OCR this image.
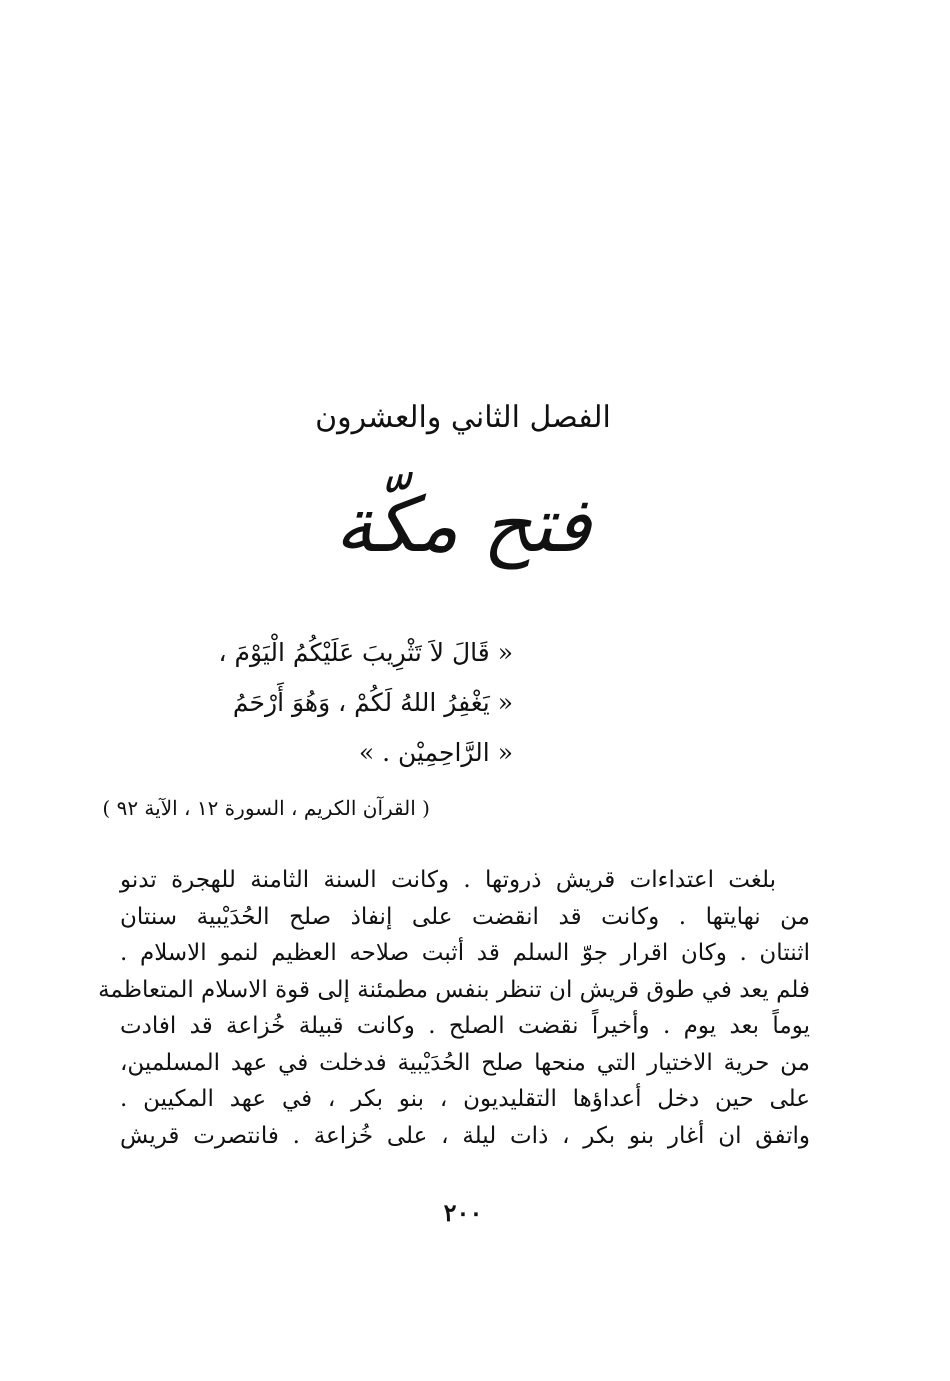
الفصل الثاني والعشرون
فتح مكّة
« قَالَ لاَ تَثْرِيبَ عَلَيْكُمُ الْيَوْمَ ،
« يَغْفِرُ اللهُ لَكُمْ ، وَهُوَ أَرْحَمُ
« الرَّاحِمِيْن . »
( القرآن الكريم ، السورة ١٢ ، الآية ٩٢ )
بلغت اعتداءات قريش ذروتها . وكانت السنة الثامنة للهجرة تدنو
من نهايتها . وكانت قد انقضت على إنفاذ صلح الحُدَيْبية سنتان
اثنتان . وكان اقرار جوّ السلم قد أثبت صلاحه العظيم لنمو الاسلام .
فلم يعد في طوق قريش ان تنظر بنفس مطمئنة إلى قوة الاسلام المتعاظمة
يوماً بعد يوم . وأخيراً نقضت الصلح . وكانت قبيلة خُزاعة قد افادت
من حرية الاختيار التي منحها صلح الحُدَيْبية فدخلت في عهد المسلمين،
على حين دخل أعداؤها التقليديون ، بنو بكر ، في عهد المكيين .
واتفق ان أغار بنو بكر ، ذات ليلة ، على خُزاعة . فانتصرت قريش
٢٠٠
